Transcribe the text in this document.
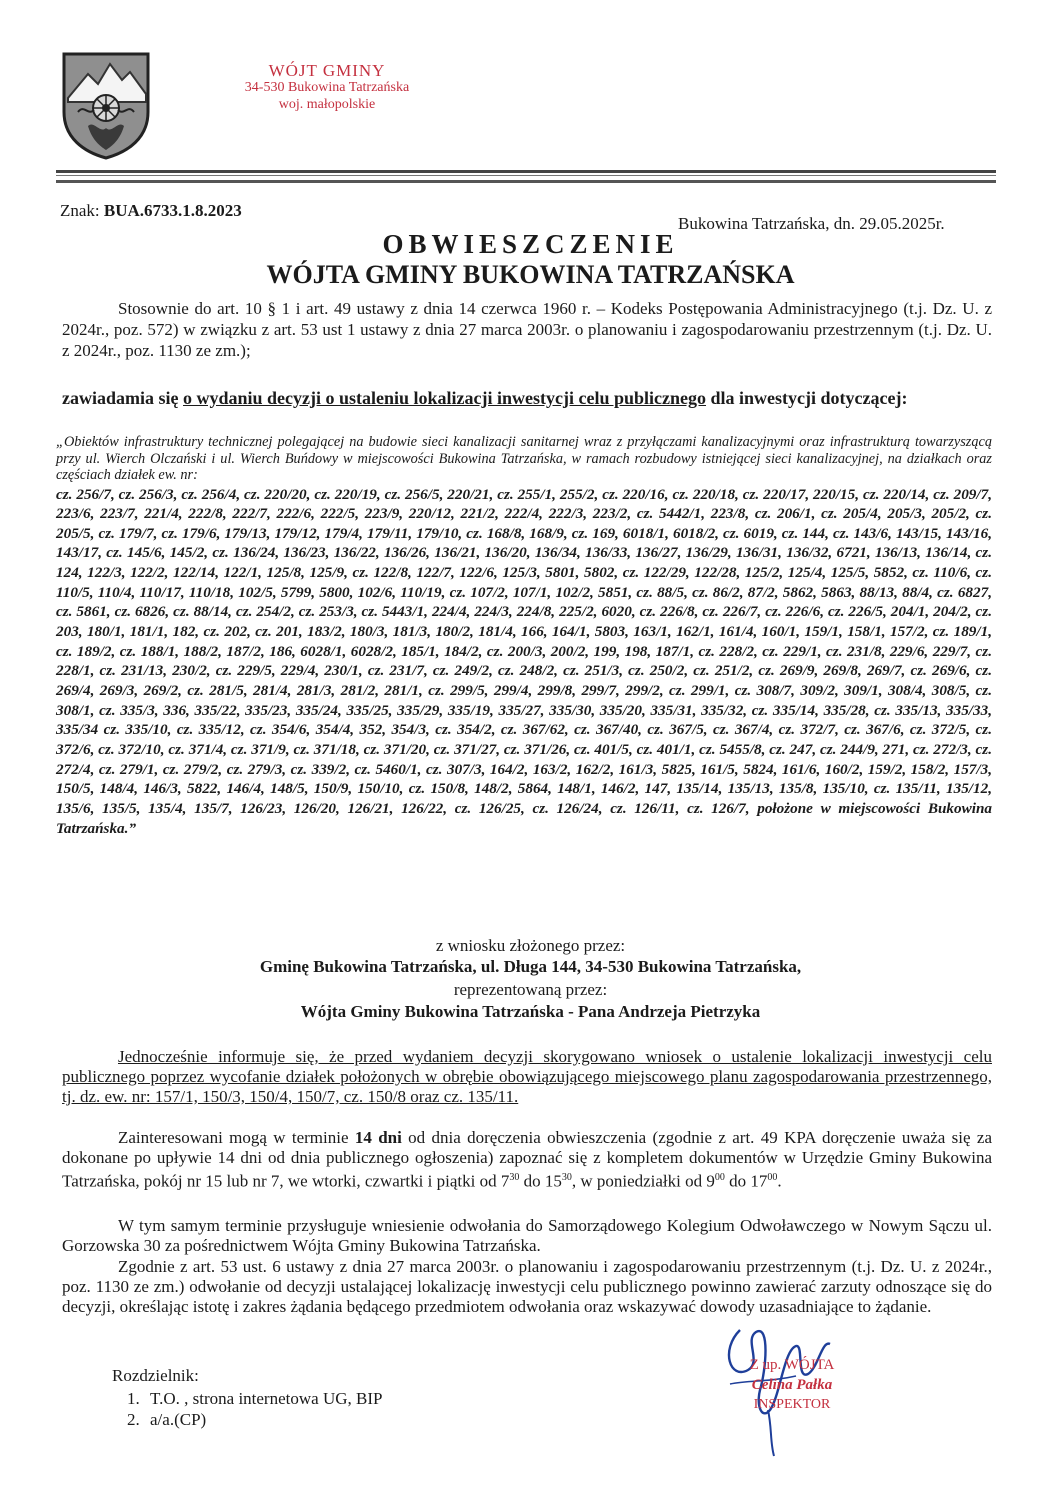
WÓJT GMINY
34-530 Bukowina Tatrzańska
woj. małopolskie
Znak: BUA.6733.1.8.2023
Bukowina Tatrzańska, dn. 29.05.2025r.
OBWIESZCZENIE
WÓJTA GMINY BUKOWINA TATRZAŃSKA
Stosownie do art. 10 § 1 i art. 49 ustawy z dnia 14 czerwca 1960 r. – Kodeks Postępowania Administracyjnego (t.j. Dz. U. z 2024r., poz. 572) w związku z art. 53 ust 1 ustawy z dnia 27 marca 2003r. o planowaniu i zagospodarowaniu przestrzennym (t.j. Dz. U. z 2024r., poz. 1130 ze zm.);
zawiadamia się o wydaniu decyzji o ustaleniu lokalizacji inwestycji celu publicznego dla inwestycji dotyczącej:
„Obiektów infrastruktury technicznej polegającej na budowie sieci kanalizacji sanitarnej wraz z przyłączami kanalizacyjnymi oraz infrastrukturą towarzyszącą przy ul. Wierch Olczański i ul. Wierch Buńdowy w miejscowości Bukowina Tatrzańska, w ramach rozbudowy istniejącej sieci kanalizacyjnej, na działkach oraz częściach działek ew. nr:
cz. 256/7, cz. 256/3, cz. 256/4, cz. 220/20, cz. 220/19, cz. 256/5, 220/21, cz. 255/1, 255/2, cz. 220/16, cz. 220/18, cz. 220/17, 220/15, cz. 220/14, cz. 209/7, 223/6, 223/7, 221/4, 222/8, 222/7, 222/6, 222/5, 223/9, 220/12, 221/2, 222/4, 222/3, 223/2, cz. 5442/1, 223/8, cz. 206/1, cz. 205/4, 205/3, 205/2, cz. 205/5, cz. 179/7, cz. 179/6, 179/13, 179/12, 179/4, 179/11, 179/10, cz. 168/8, 168/9, cz. 169, 6018/1, 6018/2, cz. 6019, cz. 144, cz. 143/6, 143/15, 143/16, 143/17, cz. 145/6, 145/2, cz. 136/24, 136/23, 136/22, 136/26, 136/21, 136/20, 136/34, 136/33, 136/27, 136/29, 136/31, 136/32, 6721, 136/13, 136/14, cz. 124, 122/3, 122/2, 122/14, 122/1, 125/8, 125/9, cz. 122/8, 122/7, 122/6, 125/3, 5801, 5802, cz. 122/29, 122/28, 125/2, 125/4, 125/5, 5852, cz. 110/6, cz. 110/5, 110/4, 110/17, 110/18, 102/5, 5799, 5800, 102/6, 110/19, cz. 107/2, 107/1, 102/2, 5851, cz. 88/5, cz. 86/2, 87/2, 5862, 5863, 88/13, 88/4, cz. 6827, cz. 5861, cz. 6826, cz. 88/14, cz. 254/2, cz. 253/3, cz. 5443/1, 224/4, 224/3, 224/8, 225/2, 6020, cz. 226/8, cz. 226/7, cz. 226/6, cz. 226/5, 204/1, 204/2, cz. 203, 180/1, 181/1, 182, cz. 202, cz. 201, 183/2, 180/3, 181/3, 180/2, 181/4, 166, 164/1, 5803, 163/1, 162/1, 161/4, 160/1, 159/1, 158/1, 157/2, cz. 189/1, cz. 189/2, cz. 188/1, 188/2, 187/2, 186, 6028/1, 6028/2, 185/1, 184/2, cz. 200/3, 200/2, 199, 198, 187/1, cz. 228/2, cz. 229/1, cz. 231/8, 229/6, 229/7, cz. 228/1, cz. 231/13, 230/2, cz. 229/5, 229/4, 230/1, cz. 231/7, cz. 249/2, cz. 248/2, cz. 251/3, cz. 250/2, cz. 251/2, cz. 269/9, 269/8, 269/7, cz. 269/6, cz. 269/4, 269/3, 269/2, cz. 281/5, 281/4, 281/3, 281/2, 281/1, cz. 299/5, 299/4, 299/8, 299/7, 299/2, cz. 299/1, cz. 308/7, 309/2, 309/1, 308/4, 308/5, cz. 308/1, cz. 335/3, 336, 335/22, 335/23, 335/24, 335/25, 335/29, 335/19, 335/27, 335/30, 335/20, 335/31, 335/32, cz. 335/14, 335/28, cz. 335/13, 335/33, 335/34 cz. 335/10, cz. 335/12, cz. 354/6, 354/4, 352, 354/3, cz. 354/2, cz. 367/62, cz. 367/40, cz. 367/5, cz. 367/4, cz. 372/7, cz. 367/6, cz. 372/5, cz. 372/6, cz. 372/10, cz. 371/4, cz. 371/9, cz. 371/18, cz. 371/20, cz. 371/27, cz. 371/26, cz. 401/5, cz. 401/1, cz. 5455/8, cz. 247, cz. 244/9, 271, cz. 272/3, cz. 272/4, cz. 279/1, cz. 279/2, cz. 279/3, cz. 339/2, cz. 5460/1, cz. 307/3, 164/2, 163/2, 162/2, 161/3, 5825, 161/5, 5824, 161/6, 160/2, 159/2, 158/2, 157/3, 150/5, 148/4, 146/3, 5822, 146/4, 148/5, 150/9, 150/10, cz. 150/8, 148/2, 5864, 148/1, 146/2, 147, 135/14, 135/13, 135/8, 135/10, cz. 135/11, 135/12, 135/6, 135/5, 135/4, 135/7, 126/23, 126/20, 126/21, 126/22, cz. 126/25, cz. 126/24, cz. 126/11, cz. 126/7, położone w miejscowości Bukowina Tatrzańska.”
z wniosku złożonego przez:
Gminę Bukowina Tatrzańska, ul. Długa 144, 34-530 Bukowina Tatrzańska,
reprezentowaną przez:
Wójta Gminy Bukowina Tatrzańska - Pana Andrzeja Pietrzyka
Jednocześnie informuje się, że przed wydaniem decyzji skorygowano wniosek o ustalenie lokalizacji inwestycji celu publicznego poprzez wycofanie działek położonych w obrębie obowiązującego miejscowego planu zagospodarowania przestrzennego, tj. dz. ew. nr: 157/1, 150/3, 150/4, 150/7, cz. 150/8 oraz cz. 135/11.
Zainteresowani mogą w terminie 14 dni od dnia doręczenia obwieszczenia (zgodnie z art. 49 KPA doręczenie uważa się za dokonane po upływie 14 dni od dnia publicznego ogłoszenia) zapoznać się z kompletem dokumentów w Urzędzie Gminy Bukowina Tatrzańska, pokój nr 15 lub nr 7, we wtorki, czwartki i piątki od $7^{30}$ do $15^{30}$, w poniedziałki od $9^{00}$ do $17^{00}$.
W tym samym terminie przysługuje wniesienie odwołania do Samorządowego Kolegium Odwoławczego w Nowym Sączu ul. Gorzowska 30 za pośrednictwem Wójta Gminy Bukowina Tatrzańska.
Zgodnie z art. 53 ust. 6 ustawy z dnia 27 marca 2003r. o planowaniu i zagospodarowaniu przestrzennym (t.j. Dz. U. z 2024r., poz. 1130 ze zm.) odwołanie od decyzji ustalającej lokalizację inwestycji celu publicznego powinno zawierać zarzuty odnoszące się do decyzji, określając istotę i zakres żądania będącego przedmiotem odwołania oraz wskazywać dowody uzasadniające to żądanie.
Rozdzielnik:
1. T.O. , strona internetowa UG, BIP
2. a/a.(CP)
Z up. WÓJTA
Celina Pałka
INSPEKTOR
